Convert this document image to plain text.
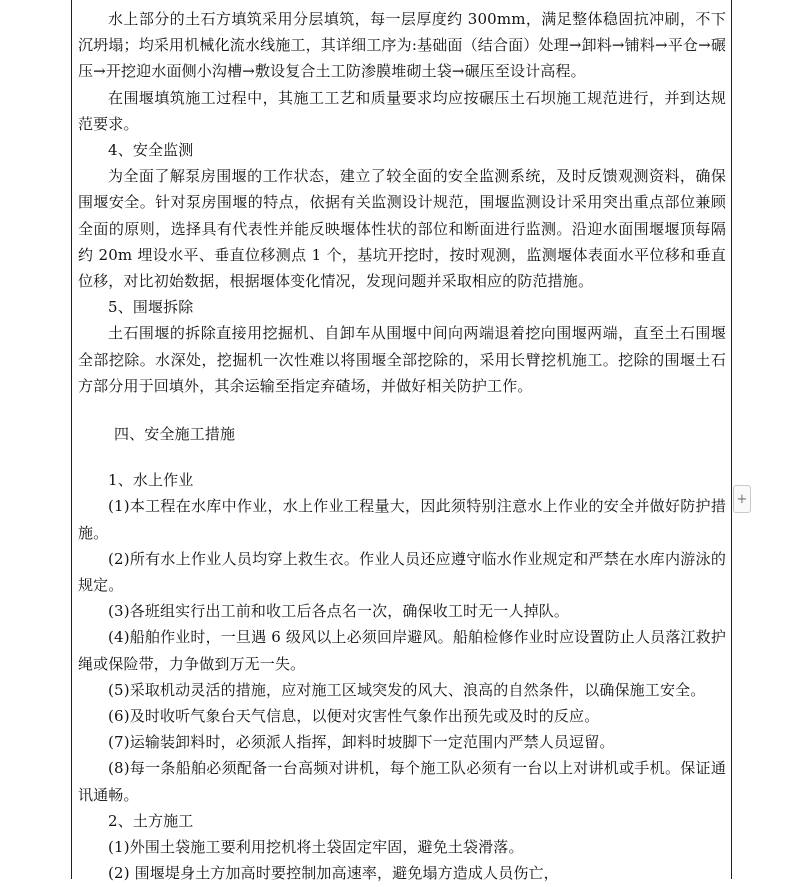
水上部分的土石方填筑采用分层填筑，每一层厚度约 300mm，满足整体稳固抗冲刷，不下沉坍塌；均采用机械化流水线施工，其详细工序为:基础面（结合面）处理→卸料→铺料→平仓→碾压→开挖迎水面侧小沟槽→敷设复合土工防渗膜堆砌土袋→碾压至设计高程。

在围堰填筑施工过程中，其施工工艺和质量要求均应按碾压土石坝施工规范进行，并到达规范要求。

4、安全监测

为全面了解泵房围堰的工作状态，建立了较全面的安全监测系统，及时反馈观测资料，确保围堰安全。针对泵房围堰的特点，依据有关监测设计规范，围堰监测设计采用突出重点部位兼顾全面的原则，选择具有代表性并能反映堰体性状的部位和断面进行监测。沿迎水面围堰堰顶每隔约 20m 埋设水平、垂直位移测点 1 个，基坑开挖时，按时观测，监测堰体表面水平位移和垂直位移，对比初始数据，根据堰体变化情况，发现问题并采取相应的防范措施。

5、围堰拆除

土石围堰的拆除直接用挖掘机、自卸车从围堰中间向两端退着挖向围堰两端，直至土石围堰全部挖除。水深处，挖掘机一次性难以将围堰全部挖除的，采用长臂挖机施工。挖除的围堰土石方部分用于回填外，其余运输至指定弃碴场，并做好相关防护工作。

四、安全施工措施

1、水上作业

(1)本工程在水库中作业，水上作业工程量大，因此须特别注意水上作业的安全并做好防护措施。

(2)所有水上作业人员均穿上救生衣。作业人员还应遵守临水作业规定和严禁在水库内游泳的规定。

(3)各班组实行出工前和收工后各点名一次，确保收工时无一人掉队。

(4)船舶作业时，一旦遇 6 级风以上必须回岸避风。船舶检修作业时应设置防止人员落江救护绳或保险带，力争做到万无一失。

(5)采取机动灵活的措施，应对施工区域突发的风大、浪高的自然条件，以确保施工安全。

(6)及时收听气象台天气信息，以便对灾害性气象作出预先或及时的反应。

(7)运输装卸料时，必须派人指挥，卸料时坡脚下一定范围内严禁人员逗留。

(8)每一条船舶必须配备一台高频对讲机，每个施工队必须有一台以上对讲机或手机。保证通讯通畅。

2、土方施工

(1)外围土袋施工要利用挖机将土袋固定牢固，避免土袋滑落。

(2) 围堰堤身土方加高时要控制加高速率，避免塌方造成人员伤亡，

+
